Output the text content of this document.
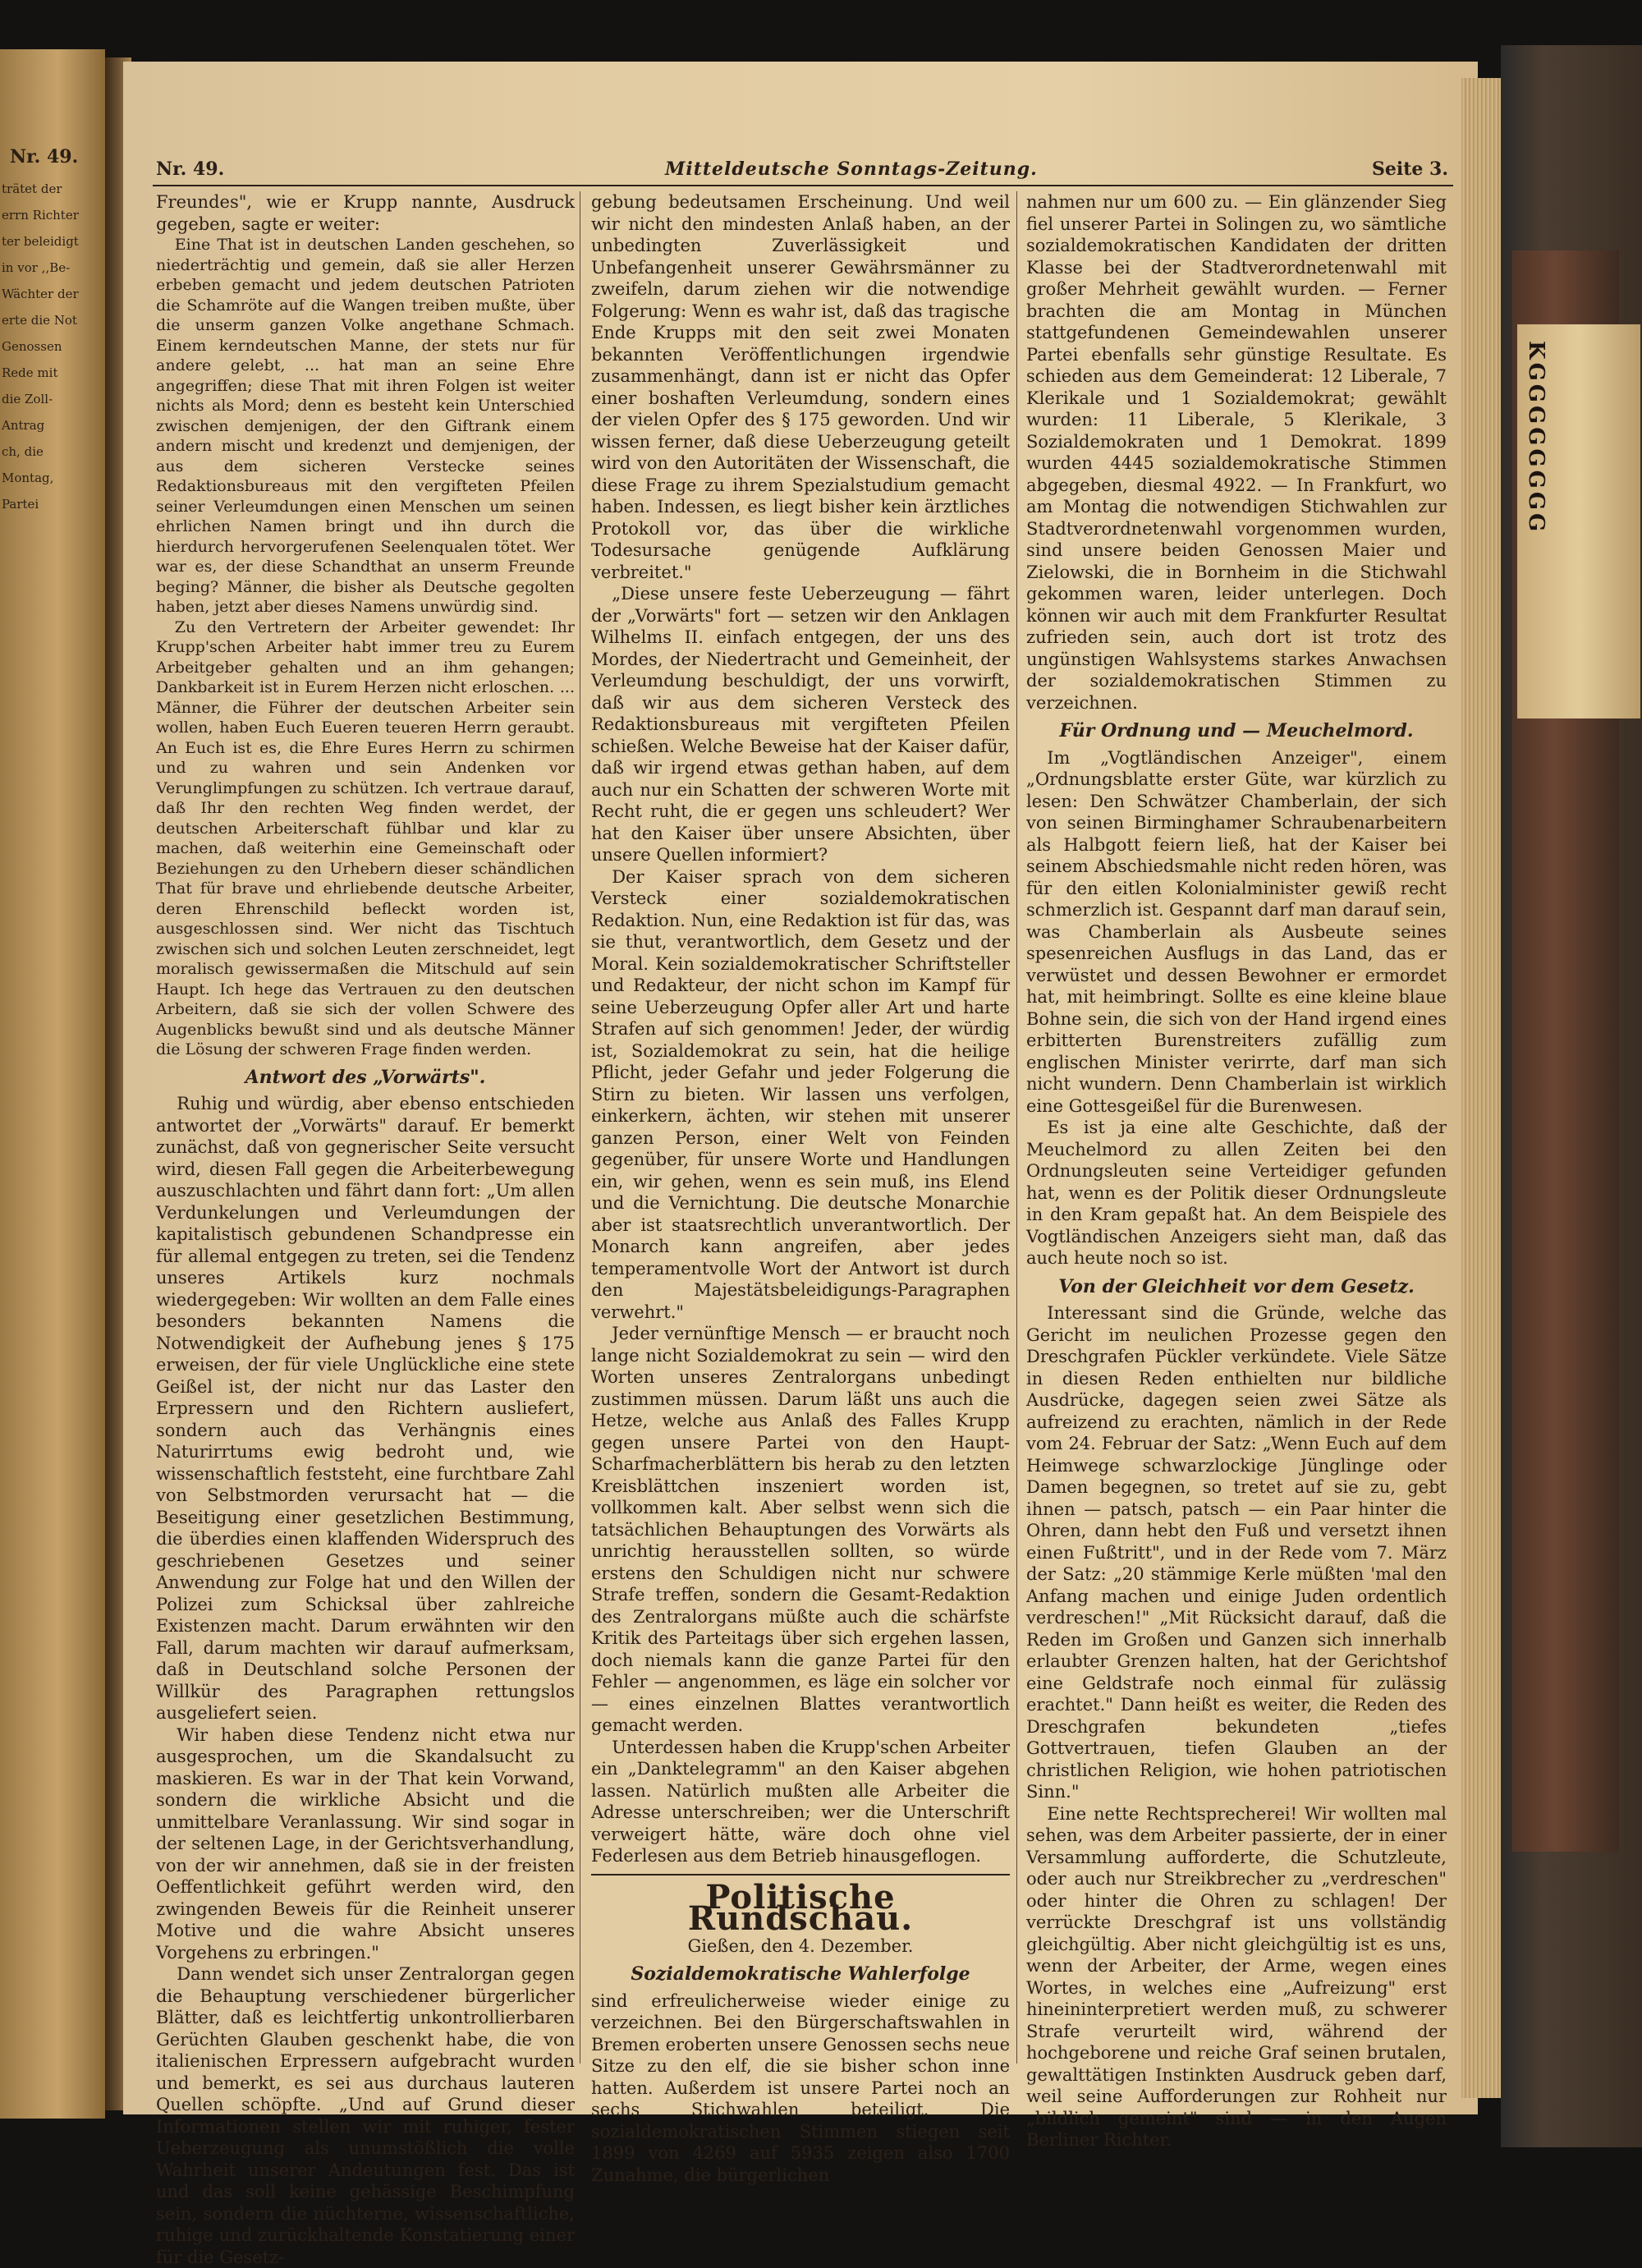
Nr. 49.
trätet der
errn Richter
ter beleidigt
in vor ,,Be-
Wächter der
erte die Not
Genossen
Rede mit
die Zoll-
Antrag
ch, die
Montag,
Partei
Nr. 49.	Mitteldeutsche Sonntags-Zeitung.	Seite 3.

Freundes", wie er Krupp nannte, Ausdruck gegeben, sagte er weiter:

Eine That ist in deutschen Landen geschehen, so niederträchtig und gemein, daß sie aller Herzen erbeben gemacht und jedem deutschen Patrioten die Schamröte auf die Wangen treiben mußte, über die unserm ganzen Volke angethane Schmach. Einem kerndeutschen Manne, der stets nur für andere gelebt, ... hat man an seine Ehre angegriffen; diese That mit ihren Folgen ist weiter nichts als Mord; denn es besteht kein Unterschied zwischen demjenigen, der den Giftrank einem andern mischt und kredenzt und demjenigen, der aus dem sicheren Verstecke seines Redaktionsbureaus mit den vergifteten Pfeilen seiner Verleumdungen einen Menschen um seinen ehrlichen Namen bringt und ihn durch die hierdurch hervorgerufenen Seelenqualen tötet. Wer war es, der diese Schandthat an unserm Freunde beging? Männer, die bisher als Deutsche gegolten haben, jetzt aber dieses Namens unwürdig sind.

Zu den Vertretern der Arbeiter gewendet: Ihr Krupp'schen Arbeiter habt immer treu zu Eurem Arbeitgeber gehalten und an ihm gehangen; Dankbarkeit ist in Eurem Herzen nicht erloschen. ... Männer, die Führer der deutschen Arbeiter sein wollen, haben Euch Eueren teueren Herrn geraubt. An Euch ist es, die Ehre Eures Herrn zu schirmen und zu wahren und sein Andenken vor Verunglimpfungen zu schützen. Ich vertraue darauf, daß Ihr den rechten Weg finden werdet, der deutschen Arbeiterschaft fühlbar und klar zu machen, daß weiterhin eine Gemeinschaft oder Beziehungen zu den Urhebern dieser schändlichen That für brave und ehrliebende deutsche Arbeiter, deren Ehrenschild befleckt worden ist, ausgeschlossen sind. Wer nicht das Tischtuch zwischen sich und solchen Leuten zerschneidet, legt moralisch gewissermaßen die Mitschuld auf sein Haupt. Ich hege das Vertrauen zu den deutschen Arbeitern, daß sie sich der vollen Schwere des Augenblicks bewußt sind und als deutsche Männer die Lösung der schweren Frage finden werden.

Antwort des „Vorwärts".

Ruhig und würdig, aber ebenso entschieden antwortet der „Vorwärts" darauf. Er bemerkt zunächst, daß von gegnerischer Seite versucht wird, diesen Fall gegen die Arbeiterbewegung auszuschlachten und fährt dann fort: „Um allen Verdunkelungen und Verleumdungen der kapitalistisch gebundenen Schandpresse ein für allemal entgegen zu treten, sei die Tendenz unseres Artikels kurz nochmals wiedergegeben: Wir wollten an dem Falle eines besonders bekannten Namens die Notwendigkeit der Aufhebung jenes § 175 erweisen, der für viele Unglückliche eine stete Geißel ist, der nicht nur das Laster den Erpressern und den Richtern ausliefert, sondern auch das Verhängnis eines Naturirrtums ewig bedroht und, wie wissenschaftlich feststeht, eine furchtbare Zahl von Selbstmorden verursacht hat — die Beseitigung einer gesetzlichen Bestimmung, die überdies einen klaffenden Widerspruch des geschriebenen Gesetzes und seiner Anwendung zur Folge hat und den Willen der Polizei zum Schicksal über zahlreiche Existenzen macht. Darum erwähnten wir den Fall, darum machten wir darauf aufmerksam, daß in Deutschland solche Personen der Willkür des Paragraphen rettungslos ausgeliefert seien.

Wir haben diese Tendenz nicht etwa nur ausgesprochen, um die Skandalsucht zu maskieren. Es war in der That kein Vorwand, sondern die wirkliche Absicht und die unmittelbare Veranlassung. Wir sind sogar in der seltenen Lage, in der Gerichtsverhandlung, von der wir annehmen, daß sie in der freisten Oeffentlichkeit geführt werden wird, den zwingenden Beweis für die Reinheit unserer Motive und die wahre Absicht unseres Vorgehens zu erbringen."

Dann wendet sich unser Zentralorgan gegen die Behauptung verschiedener bürgerlicher Blätter, daß es leichtfertig unkontrollierbaren Gerüchten Glauben geschenkt habe, die von italienischen Erpressern aufgebracht wurden und bemerkt, es sei aus durchaus lauteren Quellen schöpfte. „Und auf Grund dieser Informationen stellen wir mit ruhiger, fester Ueberzeugung als unumstößlich die volle Wahrheit unserer Andeutungen fest. Das ist und das soll keine gehässige Beschimpfung sein, sondern die nüchterne, wissenschaftliche, ruhige und zurückhaltende Konstatierung einer für die Gesetz-

gebung bedeutsamen Erscheinung. Und weil wir nicht den mindesten Anlaß haben, an der unbedingten Zuverlässigkeit und Unbefangenheit unserer Gewährsmänner zu zweifeln, darum ziehen wir die notwendige Folgerung: Wenn es wahr ist, daß das tragische Ende Krupps mit den seit zwei Monaten bekannten Veröffentlichungen irgendwie zusammenhängt, dann ist er nicht das Opfer einer boshaften Verleumdung, sondern eines der vielen Opfer des § 175 geworden. Und wir wissen ferner, daß diese Ueberzeugung geteilt wird von den Autoritäten der Wissenschaft, die diese Frage zu ihrem Spezialstudium gemacht haben. Indessen, es liegt bisher kein ärztliches Protokoll vor, das über die wirkliche Todesursache genügende Aufklärung verbreitet."

„Diese unsere feste Ueberzeugung — fährt der „Vorwärts" fort — setzen wir den Anklagen Wilhelms II. einfach entgegen, der uns des Mordes, der Niedertracht und Gemeinheit, der Verleumdung beschuldigt, der uns vorwirft, daß wir aus dem sicheren Versteck des Redaktionsbureaus mit vergifteten Pfeilen schießen. Welche Beweise hat der Kaiser dafür, daß wir irgend etwas gethan haben, auf dem auch nur ein Schatten der schweren Worte mit Recht ruht, die er gegen uns schleudert? Wer hat den Kaiser über unsere Absichten, über unsere Quellen informiert?

Der Kaiser sprach von dem sicheren Versteck einer sozialdemokratischen Redaktion. Nun, eine Redaktion ist für das, was sie thut, verantwortlich, dem Gesetz und der Moral. Kein sozialdemokratischer Schriftsteller und Redakteur, der nicht schon im Kampf für seine Ueberzeugung Opfer aller Art und harte Strafen auf sich genommen! Jeder, der würdig ist, Sozialdemokrat zu sein, hat die heilige Pflicht, jeder Gefahr und jeder Folgerung die Stirn zu bieten. Wir lassen uns verfolgen, einkerkern, ächten, wir stehen mit unserer ganzen Person, einer Welt von Feinden gegenüber, für unsere Worte und Handlungen ein, wir gehen, wenn es sein muß, ins Elend und die Vernichtung. Die deutsche Monarchie aber ist staatsrechtlich unverantwortlich. Der Monarch kann angreifen, aber jedes temperamentvolle Wort der Antwort ist durch den Majestätsbeleidigungs-Paragraphen verwehrt."

Jeder vernünftige Mensch — er braucht noch lange nicht Sozialdemokrat zu sein — wird den Worten unseres Zentralorgans unbedingt zustimmen müssen. Darum läßt uns auch die Hetze, welche aus Anlaß des Falles Krupp gegen unsere Partei von den Haupt-Scharfmacherblättern bis herab zu den letzten Kreisblättchen inszeniert worden ist, vollkommen kalt. Aber selbst wenn sich die tatsächlichen Behauptungen des Vorwärts als unrichtig herausstellen sollten, so würde erstens den Schuldigen nicht nur schwere Strafe treffen, sondern die Gesamt-Redaktion des Zentralorgans müßte auch die schärfste Kritik des Parteitags über sich ergehen lassen, doch niemals kann die ganze Partei für den Fehler — angenommen, es läge ein solcher vor — eines einzelnen Blattes verantwortlich gemacht werden.

Unterdessen haben die Krupp'schen Arbeiter ein „Danktelegramm" an den Kaiser abgehen lassen. Natürlich mußten alle Arbeiter die Adresse unterschreiben; wer die Unterschrift verweigert hätte, wäre doch ohne viel Federlesen aus dem Betrieb hinausgeflogen.

Politische Rundschau.
Gießen, den 4. Dezember.
Sozialdemokratische Wahlerfolge

sind erfreulicherweise wieder einige zu verzeichnen. Bei den Bürgerschaftswahlen in Bremen eroberten unsere Genossen sechs neue Sitze zu den elf, die sie bisher schon inne hatten. Außerdem ist unsere Partei noch an sechs Stichwahlen beteiligt. Die sozialdemokratischen Stimmen stiegen seit 1899 von 4269 auf 5935 zeigen also 1700 Zunahme, die bürgerlichen

nahmen nur um 600 zu. — Ein glänzender Sieg fiel unserer Partei in Solingen zu, wo sämtliche sozialdemokratischen Kandidaten der dritten Klasse bei der Stadtverordnetenwahl mit großer Mehrheit gewählt wurden. — Ferner brachten die am Montag in München stattgefundenen Gemeindewahlen unserer Partei ebenfalls sehr günstige Resultate. Es schieden aus dem Gemeinderat: 12 Liberale, 7 Klerikale und 1 Sozialdemokrat; gewählt wurden: 11 Liberale, 5 Klerikale, 3 Sozialdemokraten und 1 Demokrat. 1899 wurden 4445 sozialdemokratische Stimmen abgegeben, diesmal 4922. — In Frankfurt, wo am Montag die notwendigen Stichwahlen zur Stadtverordnetenwahl vorgenommen wurden, sind unsere beiden Genossen Maier und Zielowski, die in Bornheim in die Stichwahl gekommen waren, leider unterlegen. Doch können wir auch mit dem Frankfurter Resultat zufrieden sein, auch dort ist trotz des ungünstigen Wahlsystems starkes Anwachsen der sozialdemokratischen Stimmen zu verzeichnen.

Für Ordnung und — Meuchelmord.

Im „Vogtländischen Anzeiger", einem „Ordnungsblatte erster Güte, war kürzlich zu lesen: Den Schwätzer Chamberlain, der sich von seinen Birminghamer Schraubenarbeitern als Halbgott feiern ließ, hat der Kaiser bei seinem Abschiedsmahle nicht reden hören, was für den eitlen Kolonialminister gewiß recht schmerzlich ist. Gespannt darf man darauf sein, was Chamberlain als Ausbeute seines spesenreichen Ausflugs in das Land, das er verwüstet und dessen Bewohner er ermordet hat, mit heimbringt. Sollte es eine kleine blaue Bohne sein, die sich von der Hand irgend eines erbitterten Burenstreiters zufällig zum englischen Minister verirrte, darf man sich nicht wundern. Denn Chamberlain ist wirklich eine Gottesgeißel für die Burenwesen.

Es ist ja eine alte Geschichte, daß der Meuchelmord zu allen Zeiten bei den Ordnungsleuten seine Verteidiger gefunden hat, wenn es der Politik dieser Ordnungsleute in den Kram gepaßt hat. An dem Beispiele des Vogtländischen Anzeigers sieht man, daß das auch heute noch so ist.

Von der Gleichheit vor dem Gesetz.

Interessant sind die Gründe, welche das Gericht im neulichen Prozesse gegen den Dreschgrafen Pückler verkündete. Viele Sätze in diesen Reden enthielten nur bildliche Ausdrücke, dagegen seien zwei Sätze als aufreizend zu erachten, nämlich in der Rede vom 24. Februar der Satz: „Wenn Euch auf dem Heimwege schwarzlockige Jünglinge oder Damen begegnen, so tretet auf sie zu, gebt ihnen — patsch, patsch — ein Paar hinter die Ohren, dann hebt den Fuß und versetzt ihnen einen Fußtritt", und in der Rede vom 7. März der Satz: „20 stämmige Kerle müßten 'mal den Anfang machen und einige Juden ordentlich verdreschen!" „Mit Rücksicht darauf, daß die Reden im Großen und Ganzen sich innerhalb erlaubter Grenzen halten, hat der Gerichtshof eine Geldstrafe noch einmal für zulässig erachtet." Dann heißt es weiter, die Reden des Dreschgrafen bekundeten „tiefes Gottvertrauen, tiefen Glauben an der christlichen Religion, wie hohen patriotischen Sinn."

Eine nette Rechtsprecherei! Wir wollten mal sehen, was dem Arbeiter passierte, der in einer Versammlung aufforderte, die Schutzleute, oder auch nur Streikbrecher zu „verdreschen" oder hinter die Ohren zu schlagen! Der verrückte Dreschgraf ist uns vollständig gleichgültig. Aber nicht gleichgültig ist es uns, wenn der Arbeiter, der Arme, wegen eines Wortes, in welches eine „Aufreizung" erst hineininterpretiert werden muß, zu schwerer Strafe verurteilt wird, während der hochgeborene und reiche Graf seinen brutalen, gewalttätigen Instinkten Ausdruck geben darf, weil seine Aufforderungen zur Rohheit nur „bildlich gemeint" sind — in den Augen Berliner Richter.

KGGGGGGGG
